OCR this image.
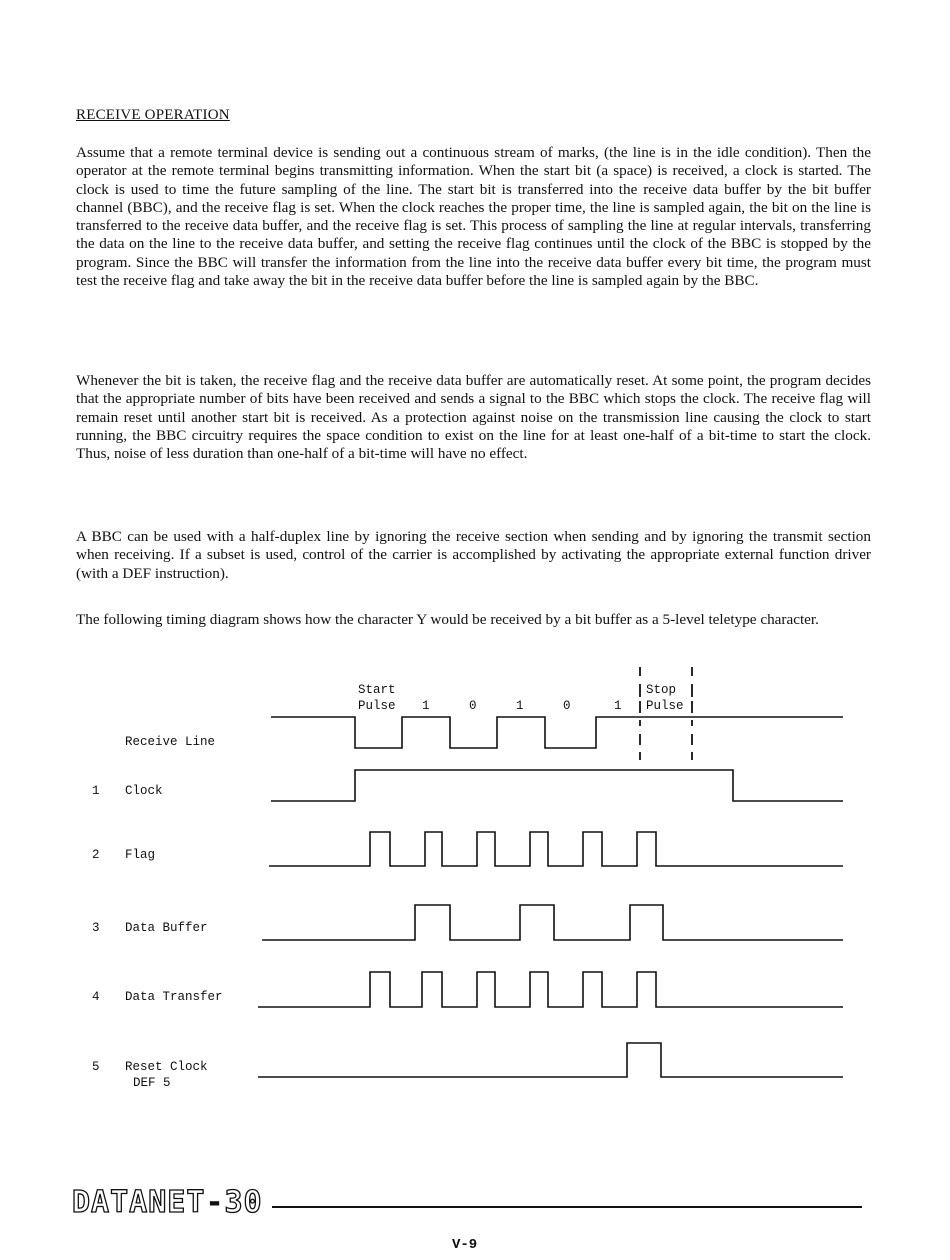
RECEIVE OPERATION

Assume that a remote terminal device is sending out a continuous stream of marks, (the line is in the idle condition). Then the operator at the remote terminal begins transmitting information. When the start bit (a space) is received, a clock is started. The clock is used to time the future sampling of the line. The start bit is transferred into the receive data buffer by the bit buffer channel (BBC), and the receive flag is set. When the clock reaches the proper time, the line is sampled again, the bit on the line is transferred to the receive data buffer, and the receive flag is set. This process of sampling the line at regular intervals, transferring the data on the line to the receive data buffer, and setting the receive flag continues until the clock of the BBC is stopped by the program. Since the BBC will transfer the information from the line into the receive data buffer every bit time, the program must test the receive flag and take away the bit in the receive data buffer before the line is sampled again by the BBC.

Whenever the bit is taken, the receive flag and the receive data buffer are automatically reset. At some point, the program decides that the appropriate number of bits have been received and sends a signal to the BBC which stops the clock. The receive flag will remain reset until another start bit is received. As a protection against noise on the transmission line causing the clock to start running, the BBC circuitry requires the space condition to exist on the line for at least one-half of a bit-time to start the clock. Thus, noise of less duration than one-half of a bit-time will have no effect.

A BBC can be used with a half-duplex line by ignoring the receive section when sending and by ignoring the transmit section when receiving. If a subset is used, control of the carrier is accomplished by activating the appropriate external function driver (with a DEF instruction).

The following timing diagram shows how the character Y would be received by a bit buffer as a 5-level teletype character.

Start
Pulse
Stop
Pulse
1	0	1	0	1
Receive Line
1 Clock
2 Flag
3 Data Buffer
4 Data Transfer
5 Reset Clock
DEF 5
DATANET-30
V-9
